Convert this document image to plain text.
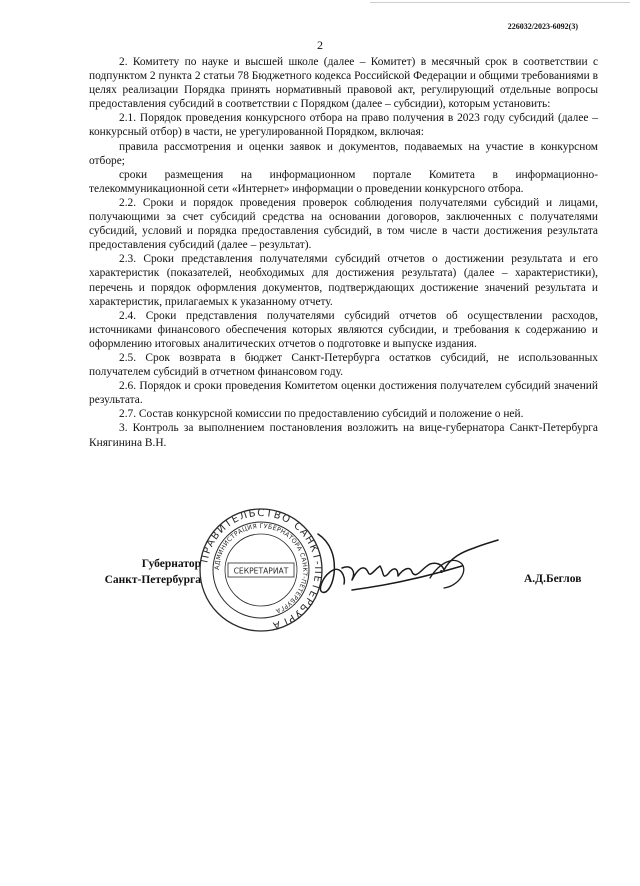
226032/2023-6092(3)
2

2. Комитету по науке и высшей школе (далее – Комитет) в месячный срок в соответствии с подпунктом 2 пункта 2 статьи 78 Бюджетного кодекса Российской Федерации и общими требованиями в целях реализации Порядка принять нормативный правовой акт, регулирующий отдельные вопросы предоставления субсидий в соответствии с Порядком (далее – субсидии), которым установить:

2.1. Порядок проведения конкурсного отбора на право получения в 2023 году субсидий (далее – конкурсный отбор) в части, не урегулированной Порядком, включая:

правила рассмотрения и оценки заявок и документов, подаваемых на участие в конкурсном отборе;

сроки размещения на информационном портале Комитета в информационно-телекоммуникационной сети «Интернет» информации о проведении конкурсного отбора.

2.2. Сроки и порядок проведения проверок соблюдения получателями субсидий и лицами, получающими за счет субсидий средства на основании договоров, заключенных с получателями субсидий, условий и порядка предоставления субсидий, в том числе в части достижения результата предоставления субсидий (далее – результат).

2.3. Сроки представления получателями субсидий отчетов о достижении результата и его характеристик (показателей, необходимых для достижения результата) (далее – характеристики), перечень и порядок оформления документов, подтверждающих достижение значений результата и характеристик, прилагаемых к указанному отчету.

2.4. Сроки представления получателями субсидий отчетов об осуществлении расходов, источниками финансового обеспечения которых являются субсидии, и требования к содержанию и оформлению итоговых аналитических отчетов о подготовке и выпуске издания.

2.5. Срок возврата в бюджет Санкт-Петербурга остатков субсидий, не использованных получателем субсидий в отчетном финансовом году.

2.6. Порядок и сроки проведения Комитетом оценки достижения получателем субсидий значений результата.

2.7. Состав конкурсной комиссии по предоставлению субсидий и положение о ней.

3. Контроль за выполнением постановления возложить на вице-губернатора Санкт-Петербурга Княгинина В.Н.

Губернатор
Санкт-Петербурга	А.Д.Беглов
ПРАВИТЕЛЬСТВО САНКТ-ПЕТЕРБУРГА
АДМИНИСТРАЦИЯ ГУБЕРНАТОРА САНКТ-ПЕТЕРБУРГА
СЕКРЕТАРИАТ
